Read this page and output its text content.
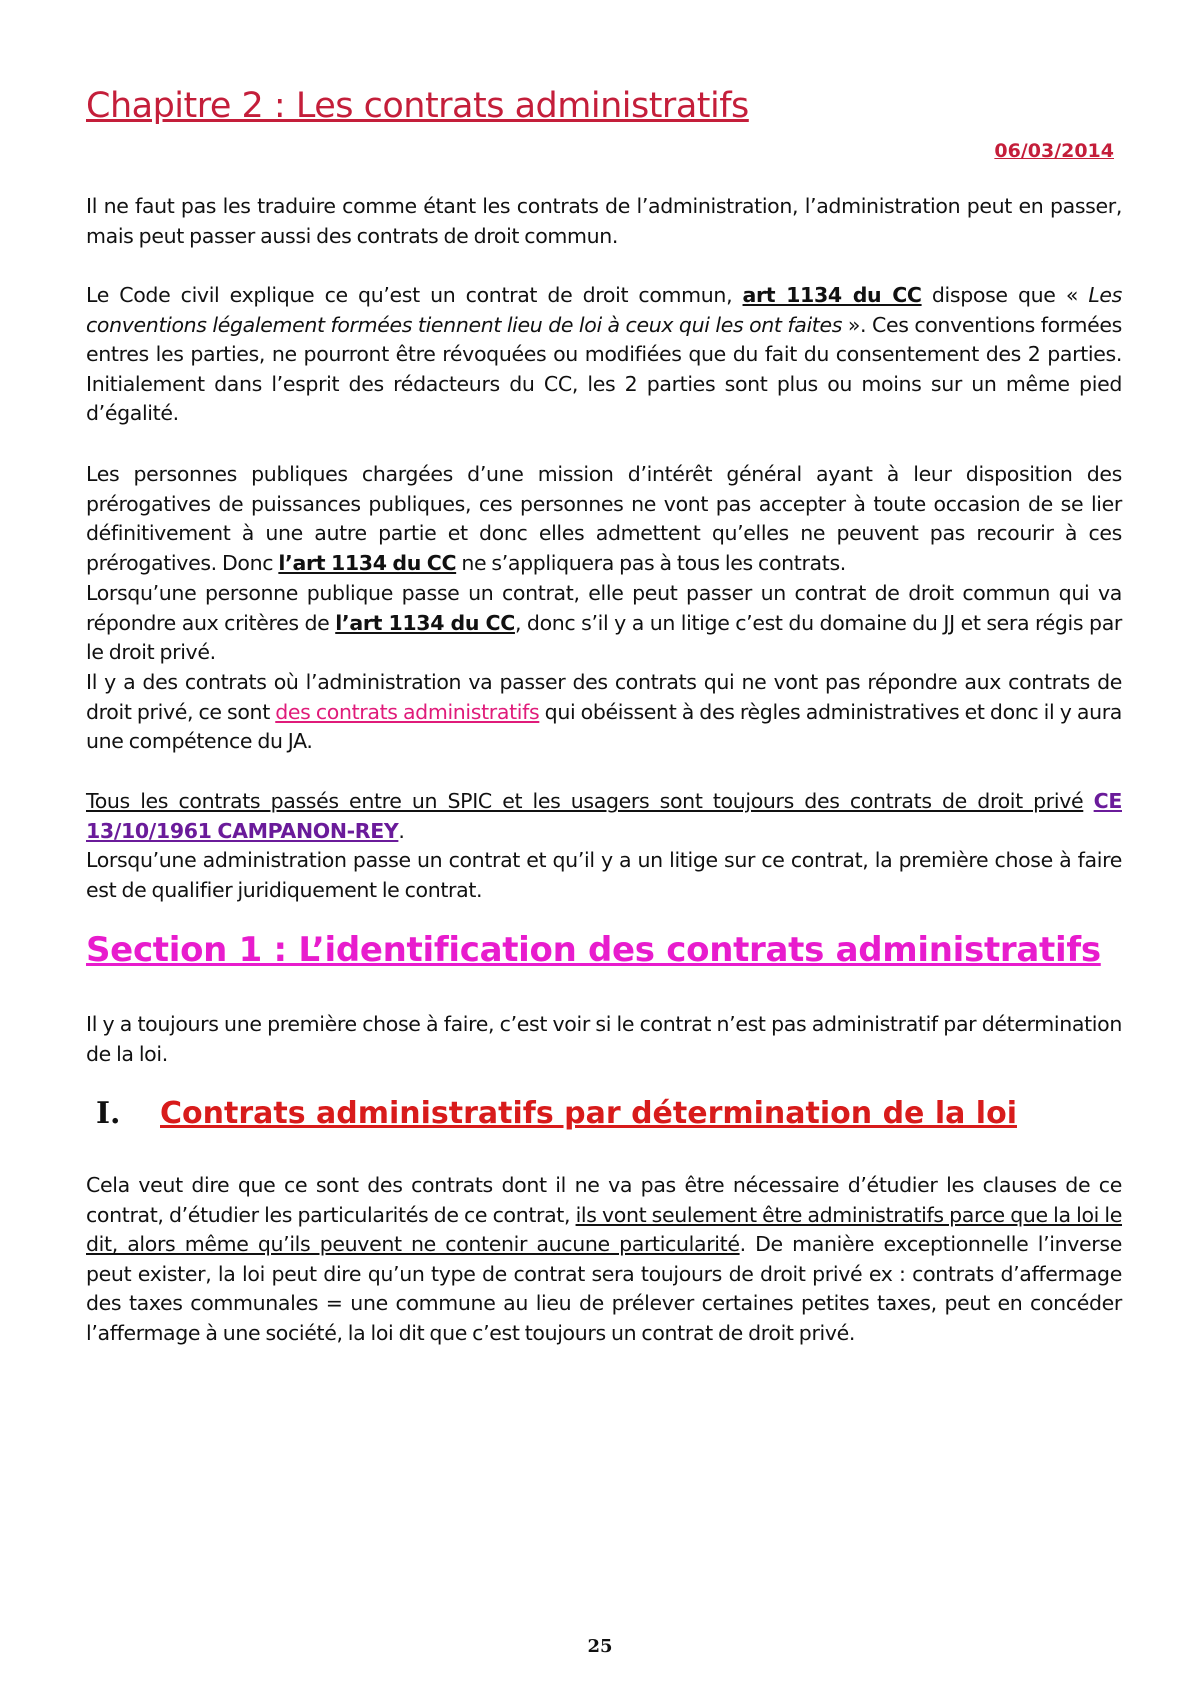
Chapitre 2 : Les contrats administratifs
06/03/2014

Il ne faut pas les traduire comme étant les contrats de l’administration, l’administration peut en passer, mais peut passer aussi des contrats de droit commun.

Le Code civil explique ce qu’est un contrat de droit commun, art 1134 du CC dispose que « Les conventions légalement formées tiennent lieu de loi à ceux qui les ont faites ». Ces conventions formées entres les parties, ne pourront être révoquées ou modifiées que du fait du consentement des 2 parties. Initialement dans l’esprit des rédacteurs du CC, les 2 parties sont plus ou moins sur un même pied d’égalité.

Les personnes publiques chargées d’une mission d’intérêt général ayant à leur disposition des prérogatives de puissances publiques, ces personnes ne vont pas accepter à toute occasion de se lier définitivement à une autre partie et donc elles admettent qu’elles ne peuvent pas recourir à ces prérogatives. Donc l’art 1134 du CC ne s’appliquera pas à tous les contrats.

Lorsqu’une personne publique passe un contrat, elle peut passer un contrat de droit commun qui va répondre aux critères de l’art 1134 du CC, donc s’il y a un litige c’est du domaine du JJ et sera régis par le droit privé.

Il y a des contrats où l’administration va passer des contrats qui ne vont pas répondre aux contrats de droit privé, ce sont des contrats administratifs qui obéissent à des règles administratives et donc il y aura une compétence du JA.

Tous les contrats passés entre un SPIC et les usagers sont toujours des contrats de droit privé CE 13/10/1961 CAMPANON-REY.

Lorsqu’une administration passe un contrat et qu’il y a un litige sur ce contrat, la première chose à faire est de qualifier juridiquement le contrat.

Section 1 : L’identification des contrats administratifs

Il y a toujours une première chose à faire, c’est voir si le contrat n’est pas administratif par détermination de la loi.

I. Contrats administratifs par détermination de la loi

Cela veut dire que ce sont des contrats dont il ne va pas être nécessaire d’étudier les clauses de ce contrat, d’étudier les particularités de ce contrat, ils vont seulement être administratifs parce que la loi le dit, alors même qu’ils peuvent ne contenir aucune particularité. De manière exceptionnelle l’inverse peut exister, la loi peut dire qu’un type de contrat sera toujours de droit privé ex : contrats d’affermage des taxes communales = une commune au lieu de prélever certaines petites taxes, peut en concéder l’affermage à une société, la loi dit que c’est toujours un contrat de droit privé.

25
